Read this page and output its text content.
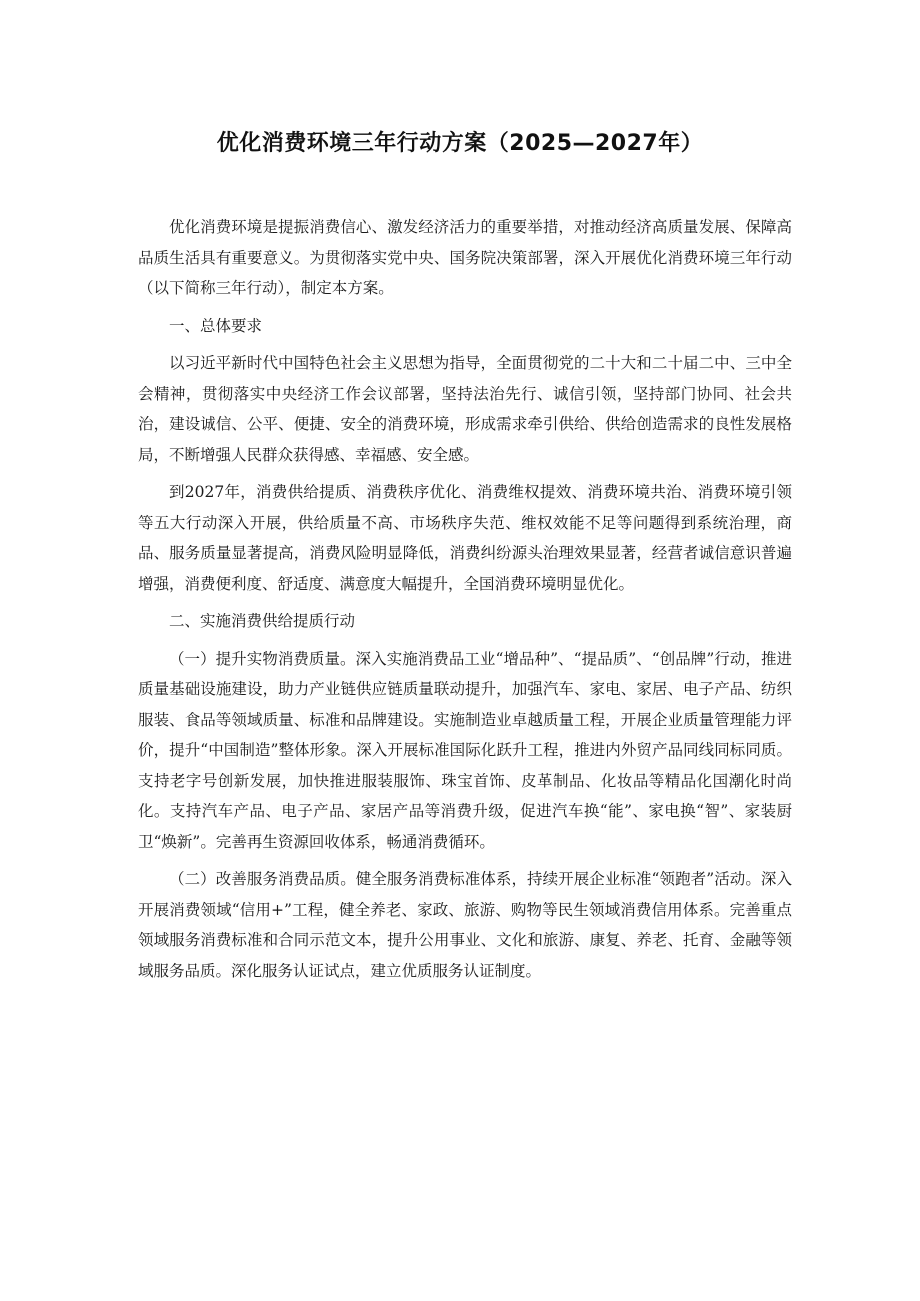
优化消费环境三年行动方案（2025—2027年）

优化消费环境是提振消费信心、激发经济活力的重要举措，对推动经济高质量发展、保障高品质生活具有重要意义。为贯彻落实党中央、国务院决策部署，深入开展优化消费环境三年行动（以下简称三年行动），制定本方案。

一、总体要求

以习近平新时代中国特色社会主义思想为指导，全面贯彻党的二十大和二十届二中、三中全会精神，贯彻落实中央经济工作会议部署，坚持法治先行、诚信引领，坚持部门协同、社会共治，建设诚信、公平、便捷、安全的消费环境，形成需求牵引供给、供给创造需求的良性发展格局，不断增强人民群众获得感、幸福感、安全感。

到2027年，消费供给提质、消费秩序优化、消费维权提效、消费环境共治、消费环境引领等五大行动深入开展，供给质量不高、市场秩序失范、维权效能不足等问题得到系统治理，商品、服务质量显著提高，消费风险明显降低，消费纠纷源头治理效果显著，经营者诚信意识普遍增强，消费便利度、舒适度、满意度大幅提升，全国消费环境明显优化。

二、实施消费供给提质行动

（一）提升实物消费质量。深入实施消费品工业“增品种”、“提品质”、“创品牌”行动，推进质量基础设施建设，助力产业链供应链质量联动提升，加强汽车、家电、家居、电子产品、纺织服装、食品等领域质量、标准和品牌建设。实施制造业卓越质量工程，开展企业质量管理能力评价，提升“中国制造”整体形象。深入开展标准国际化跃升工程，推进内外贸产品同线同标同质。支持老字号创新发展，加快推进服装服饰、珠宝首饰、皮革制品、化妆品等精品化国潮化时尚化。支持汽车产品、电子产品、家居产品等消费升级，促进汽车换“能”、家电换“智”、家装厨卫“焕新”。完善再生资源回收体系，畅通消费循环。

（二）改善服务消费品质。健全服务消费标准体系，持续开展企业标准“领跑者”活动。深入开展消费领域“信用+”工程，健全养老、家政、旅游、购物等民生领域消费信用体系。完善重点领域服务消费标准和合同示范文本，提升公用事业、文化和旅游、康复、养老、托育、金融等领域服务品质。深化服务认证试点，建立优质服务认证制度。
